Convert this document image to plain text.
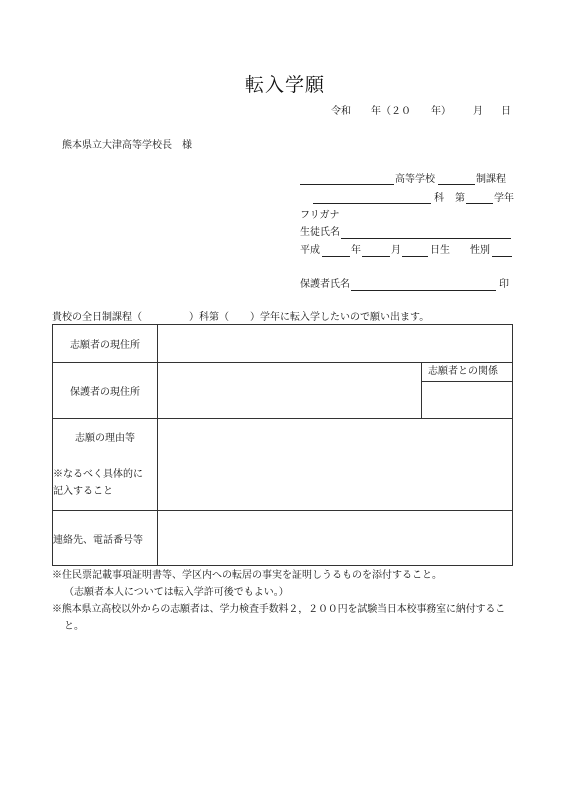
転入学願
令和 年（２０ 年） 月 日
熊本県立大津高等学校長　様
高等学校	制課程
科 第	学年
フリガナ
生徒氏名
平成	年	月	日生 性別
保護者氏名	印
貴校の全日制課程（	）科第（ ）学年に転入学したいので願い出ます。
志願者の現住所		
保護者の現住所		志願者との関係

志願の理由等
※なるべく具体的に
記入すること		

連絡先、電話番号等		
※住民票記載事項証明書等、学区内への転居の事実を証明しうるものを添付すること。
（志願者本人については転入学許可後でもよい。）
※熊本県立高校以外からの志願者は、学力検査手数料２，２００円を試験当日本校事務室に納付するこ
と。
